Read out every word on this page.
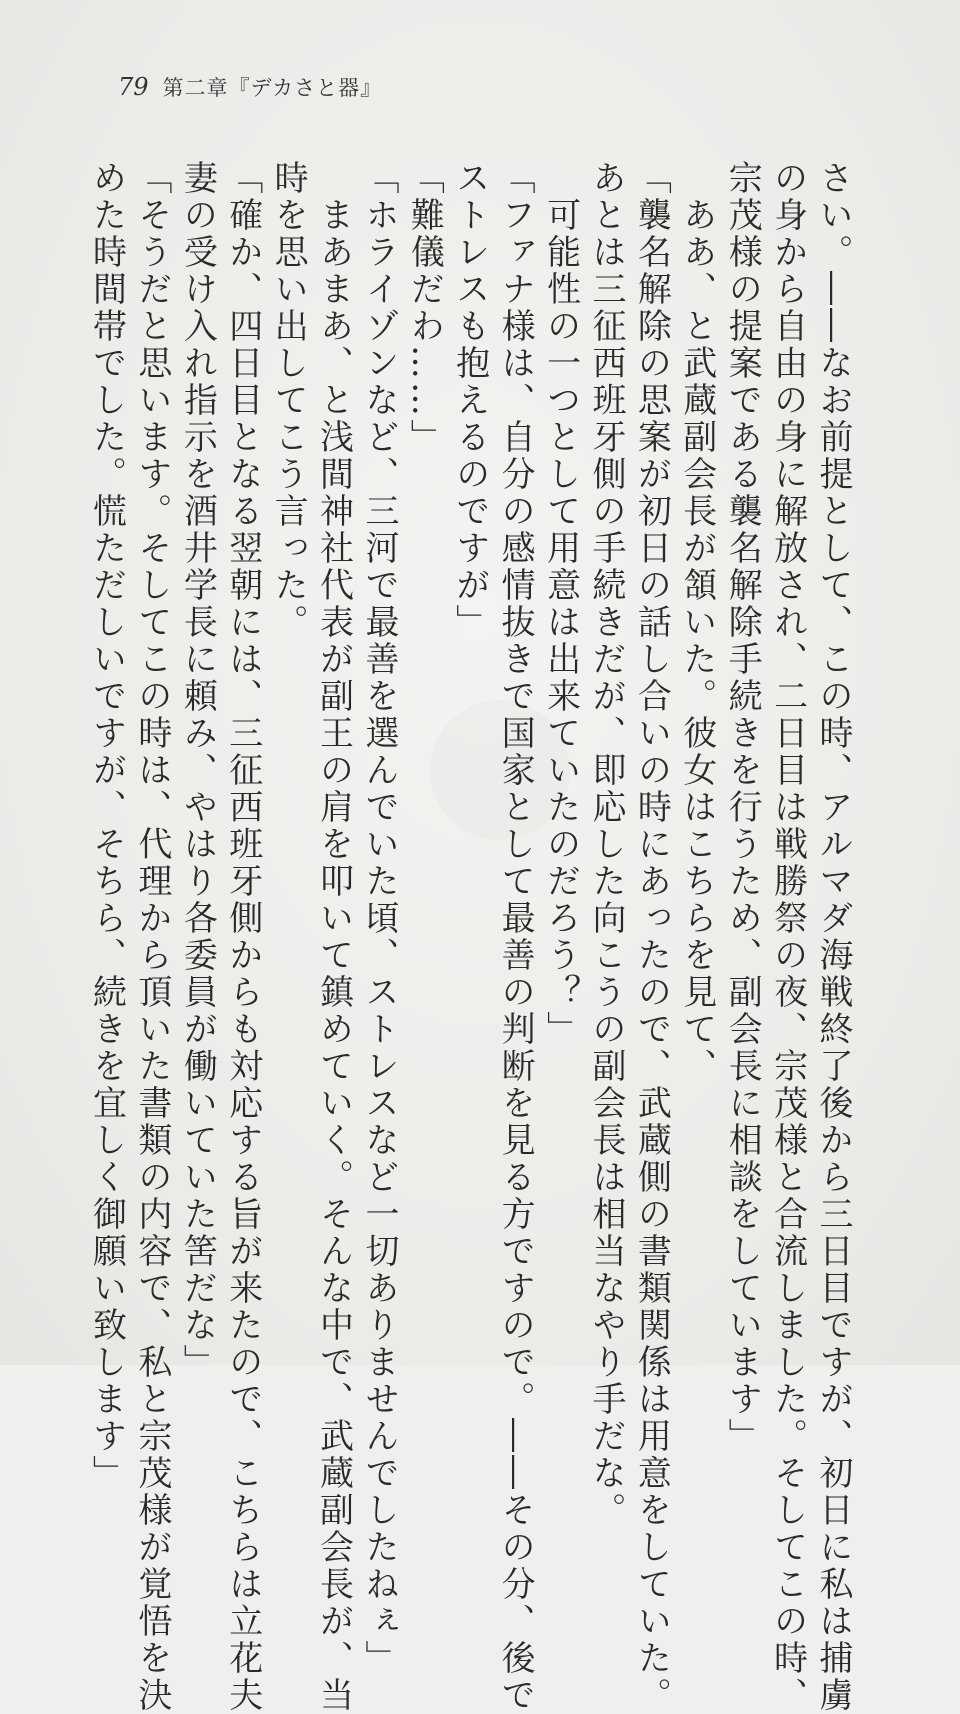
79 第二章『デカさと器』

さい。――なお前提として、この時、アルマダ海戦終了後から三日目ですが、初日に私は捕虜

の身から自由の身に解放され、二日目は戦勝祭の夜、宗茂様と合流しました。そしてこの時、

宗茂様の提案である襲名解除手続きを行うため、副会長に相談をしています」

　ああ、と武蔵副会長が頷いた。彼女はこちらを見て、

「襲名解除の思案が初日の話し合いの時にあったので、武蔵側の書類関係は用意をしていた。

あとは三征西班牙側の手続きだが、即応した向こうの副会長は相当なやり手だな。

　可能性の一つとして用意は出来ていたのだろう？」

「ファナ様は、自分の感情抜きで国家として最善の判断を見る方ですので。――その分、後で

ストレスも抱えるのですが」

「難儀だわ……」

「ホライゾンなど、三河で最善を選んでいた頃、ストレスなど一切ありませんでしたねぇ」

　まあまあ、と浅間神社代表が副王の肩を叩いて鎮めていく。そんな中で、武蔵副会長が、当

時を思い出してこう言った。

「確か、四日目となる翌朝には、三征西班牙側からも対応する旨が来たので、こちらは立花夫

妻の受け入れ指示を酒井学長に頼み、やはり各委員が働いていた筈だな」

「そうだと思います。そしてこの時は、代理から頂いた書類の内容で、私と宗茂様が覚悟を決

めた時間帯でした。慌ただしいですが、そちら、続きを宜しく御願い致します」
